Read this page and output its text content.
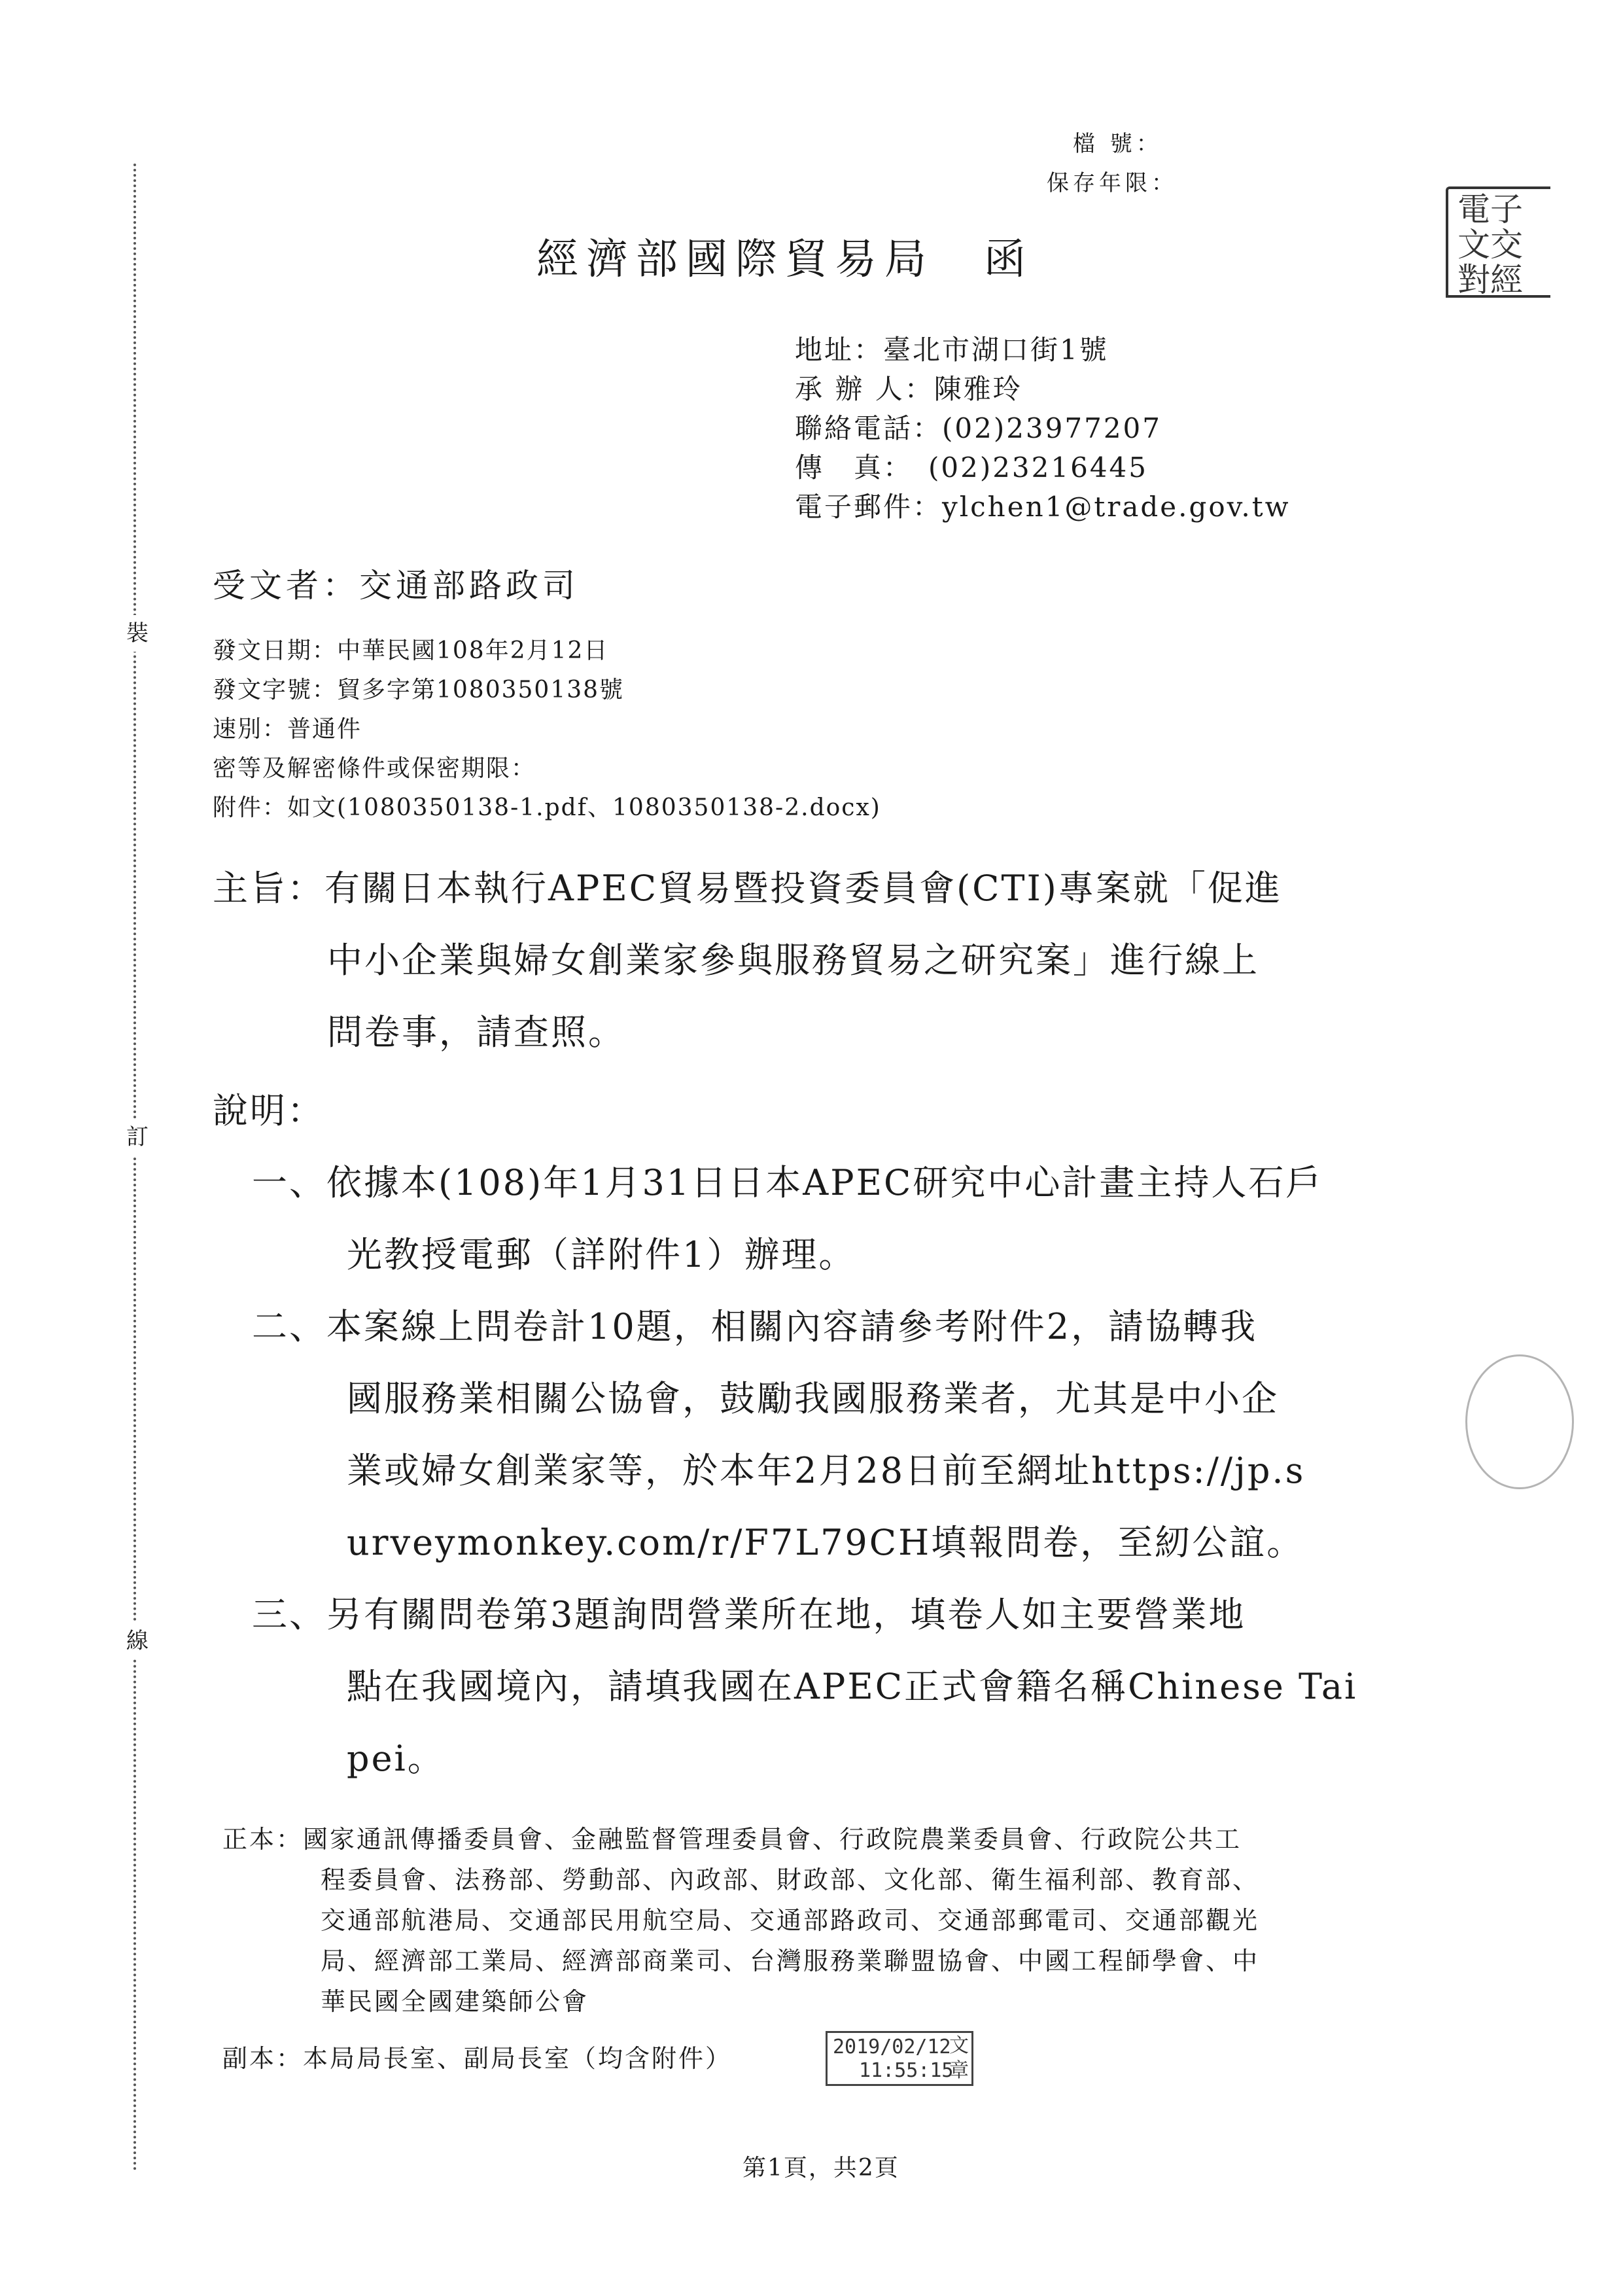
裝
訂
線
檔 號：
保存年限：
電子
文交
對經
經濟部國際貿易局　函
地址：臺北市湖口街1號
承 辦 人：陳雅玲
聯絡電話：(02)23977207
傳　真：　(02)23216445
電子郵件：ylchen1@trade.gov.tw
受文者：交通部路政司
發文日期：中華民國108年2月12日
發文字號：貿多字第1080350138號
速別：普通件
密等及解密條件或保密期限：
附件：如文(1080350138-1.pdf、1080350138-2.docx)
主旨：有關日本執行APEC貿易暨投資委員會(CTI)專案就「促進
中小企業與婦女創業家參與服務貿易之研究案」進行線上
問卷事，請查照。
說明：
一、依據本(108)年1月31日日本APEC研究中心計畫主持人石戶
光教授電郵（詳附件1）辦理。
二、本案線上問卷計10題，相關內容請參考附件2，請協轉我
國服務業相關公協會，鼓勵我國服務業者，尤其是中小企
業或婦女創業家等，於本年2月28日前至網址https://jp.s
urveymonkey.com/r/F7L79CH填報問卷，至紉公誼。
三、另有關問卷第3題詢問營業所在地，填卷人如主要營業地
點在我國境內，請填我國在APEC正式會籍名稱Chinese Tai
pei。
正本：國家通訊傳播委員會、金融監督管理委員會、行政院農業委員會、行政院公共工
程委員會、法務部、勞動部、內政部、財政部、文化部、衛生福利部、教育部、
交通部航港局、交通部民用航空局、交通部路政司、交通部郵電司、交通部觀光
局、經濟部工業局、經濟部商業司、台灣服務業聯盟協會、中國工程師學會、中
華民國全國建築師公會
副本：本局局長室、副局長室（均含附件）	2019/02/12
11:55:15
文
章
第1頁，共2頁
